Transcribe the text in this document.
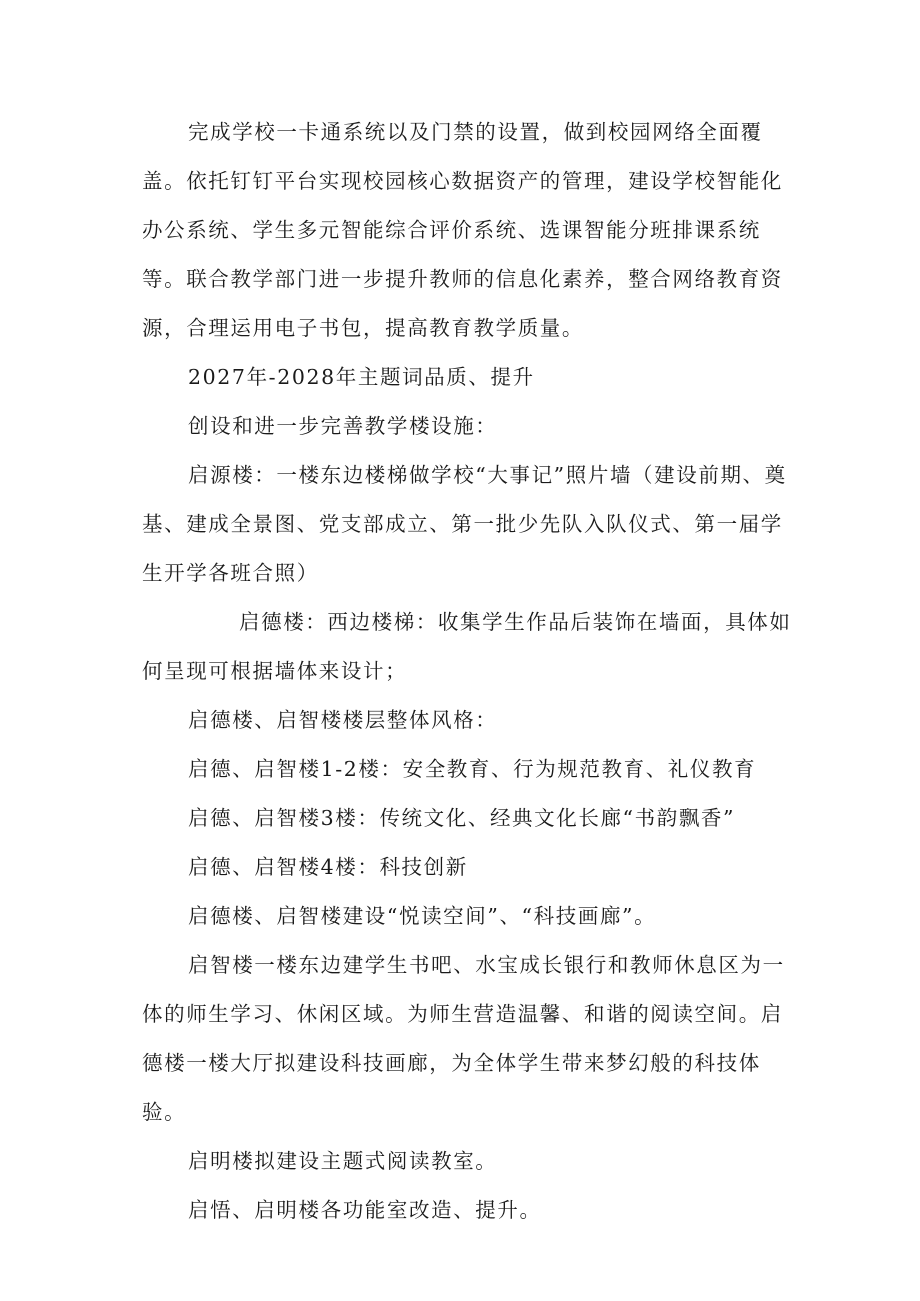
完成学校一卡通系统以及门禁的设置，做到校园网络全面覆盖。依托钉钉平台实现校园核心数据资产的管理，建设学校智能化办公系统、学生多元智能综合评价系统、选课智能分班排课系统等。联合教学部门进一步提升教师的信息化素养，整合网络教育资源，合理运用电子书包，提高教育教学质量。

2027年-2028年主题词品质、提升

创设和进一步完善教学楼设施：

启源楼：一楼东边楼梯做学校“大事记”照片墙（建设前期、奠基、建成全景图、党支部成立、第一批少先队入队仪式、第一届学生开学各班合照）

启德楼：西边楼梯：收集学生作品后装饰在墙面，具体如何呈现可根据墙体来设计；

启德楼、启智楼楼层整体风格：

启德、启智楼1-2楼：安全教育、行为规范教育、礼仪教育

启德、启智楼3楼：传统文化、经典文化长廊“书韵飘香”

启德、启智楼4楼：科技创新

启德楼、启智楼建设“悦读空间”、“科技画廊”。

启智楼一楼东边建学生书吧、水宝成长银行和教师休息区为一体的师生学习、休闲区域。为师生营造温馨、和谐的阅读空间。启德楼一楼大厅拟建设科技画廊，为全体学生带来梦幻般的科技体验。

启明楼拟建设主题式阅读教室。

启悟、启明楼各功能室改造、提升。
